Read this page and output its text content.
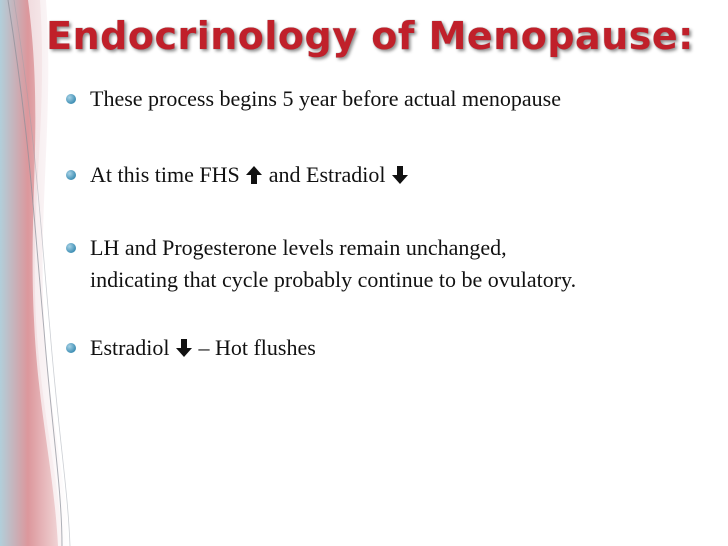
Endocrinology of Menopause:
These process begins 5 year before actual menopause
At this time FHS and Estradiol
LH and Progesterone levels remain unchanged,
indicating that cycle probably continue to be ovulatory.
Estradiol – Hot flushes
